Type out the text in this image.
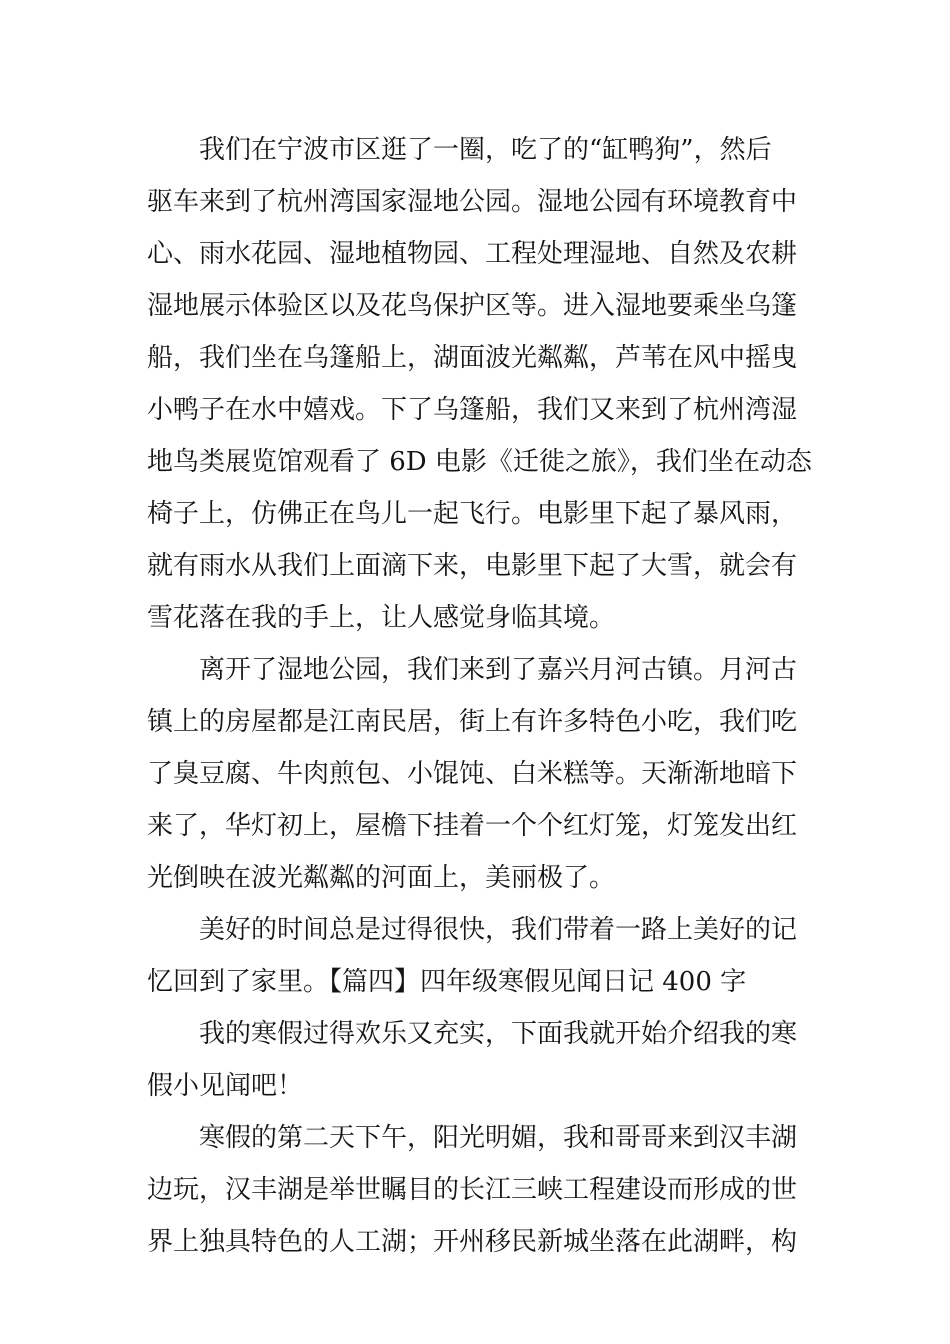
我们在宁波市区逛了一圈，吃了的“缸鸭狗”，然后
驱车来到了杭州湾国家湿地公园。湿地公园有环境教育中
心、雨水花园、湿地植物园、工程处理湿地、自然及农耕
湿地展示体验区以及花鸟保护区等。进入湿地要乘坐乌篷
船，我们坐在乌篷船上，湖面波光粼粼，芦苇在风中摇曳
小鸭子在水中嬉戏。下了乌篷船，我们又来到了杭州湾湿
地鸟类展览馆观看了 6D 电影《迁徙之旅》，我们坐在动态
椅子上，仿佛正在鸟儿一起飞行。电影里下起了暴风雨，
就有雨水从我们上面滴下来，电影里下起了大雪，就会有
雪花落在我的手上，让人感觉身临其境。
离开了湿地公园，我们来到了嘉兴月河古镇。月河古
镇上的房屋都是江南民居，街上有许多特色小吃，我们吃
了臭豆腐、牛肉煎包、小馄饨、白米糕等。天渐渐地暗下
来了，华灯初上，屋檐下挂着一个个红灯笼，灯笼发出红
光倒映在波光粼粼的河面上，美丽极了。
美好的时间总是过得很快，我们带着一路上美好的记
忆回到了家里。【篇四】四年级寒假见闻日记 400 字
我的寒假过得欢乐又充实，下面我就开始介绍我的寒
假小见闻吧！
寒假的第二天下午，阳光明媚，我和哥哥来到汉丰湖
边玩，汉丰湖是举世瞩目的长江三峡工程建设而形成的世
界上独具特色的人工湖；开州移民新城坐落在此湖畔，构
